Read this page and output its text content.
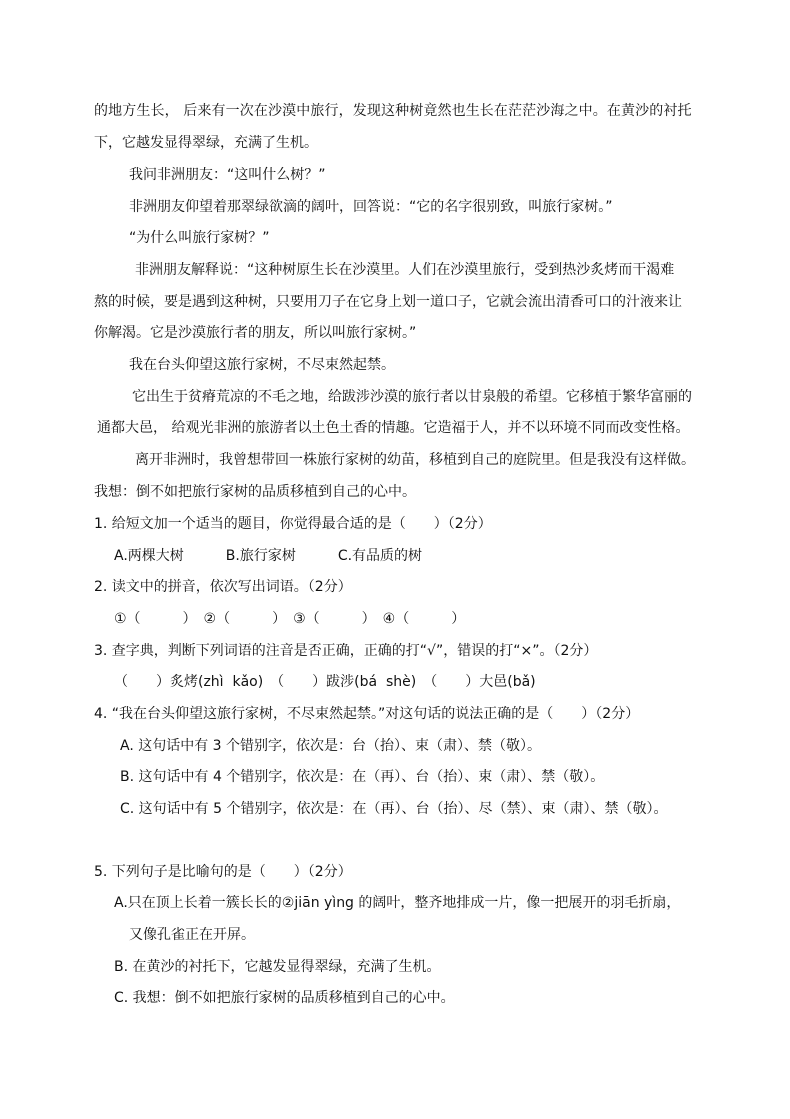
的地方生长， 后来有一次在沙漠中旅行，发现这种树竟然也生长在茫茫沙海之中。在黄沙的衬托
下，它越发显得翠绿，充满了生机。
我问非洲朋友：“这叫什么树？”
非洲朋友仰望着那翠绿欲滴的阔叶，回答说：“它的名字很别致，叫旅行家树。”
“为什么叫旅行家树？”
非洲朋友解释说：“这种树原生长在沙漠里。人们在沙漠里旅行，受到热沙炙烤而干渴难
熬的时候，要是遇到这种树，只要用刀子在它身上划一道口子，它就会流出清香可口的汁液来让
你解渴。它是沙漠旅行者的朋友，所以叫旅行家树。”
我在台头仰望这旅行家树，不尽束然起禁。
它出生于贫瘠荒凉的不毛之地，给跋涉沙漠的旅行者以甘泉般的希望。它移植于繁华富丽的
通都大邑， 给观光非洲的旅游者以土色土香的情趣。它造福于人，并不以环境不同而改变性格。
离开非洲时，我曾想带回一株旅行家树的幼苗，移植到自己的庭院里。但是我没有这样做。
我想：倒不如把旅行家树的品质移植到自己的心中。
1. 给短文加一个适当的题目，你觉得最合适的是（　　）（2分）
A.两棵大树　　　B.旅行家树　　　C.有品质的树
2. 读文中的拼音，依次写出词语。（2分）
①（　　　）　②（　　　）　③（　　　）　④（　　　）
3. 查字典，判断下列词语的注音是否正确，正确的打“√”，错误的打“×”。（2分）
（　　）炙烤(zhì  kǎo)　（　　）跋涉(bá  shè)　（　　）大邑(bǎ)
4. “我在台头仰望这旅行家树，不尽束然起禁。”对这句话的说法正确的是（　　）（2分）
A. 这句话中有 3 个错别字，依次是：台（抬）、束（肃）、禁（敬）。
B. 这句话中有 4 个错别字，依次是：在（再）、台（抬）、束（肃）、禁（敬）。
C. 这句话中有 5 个错别字，依次是：在（再）、台（抬）、尽（禁）、束（肃）、禁（敬）。
5. 下列句子是比喻句的是（　　）（2分）
A.只在顶上长着一簇长长的②jiān yìng 的阔叶，整齐地排成一片，像一把展开的羽毛折扇，
又像孔雀正在开屏。
B. 在黄沙的衬托下，它越发显得翠绿，充满了生机。
C. 我想：倒不如把旅行家树的品质移植到自己的心中。
